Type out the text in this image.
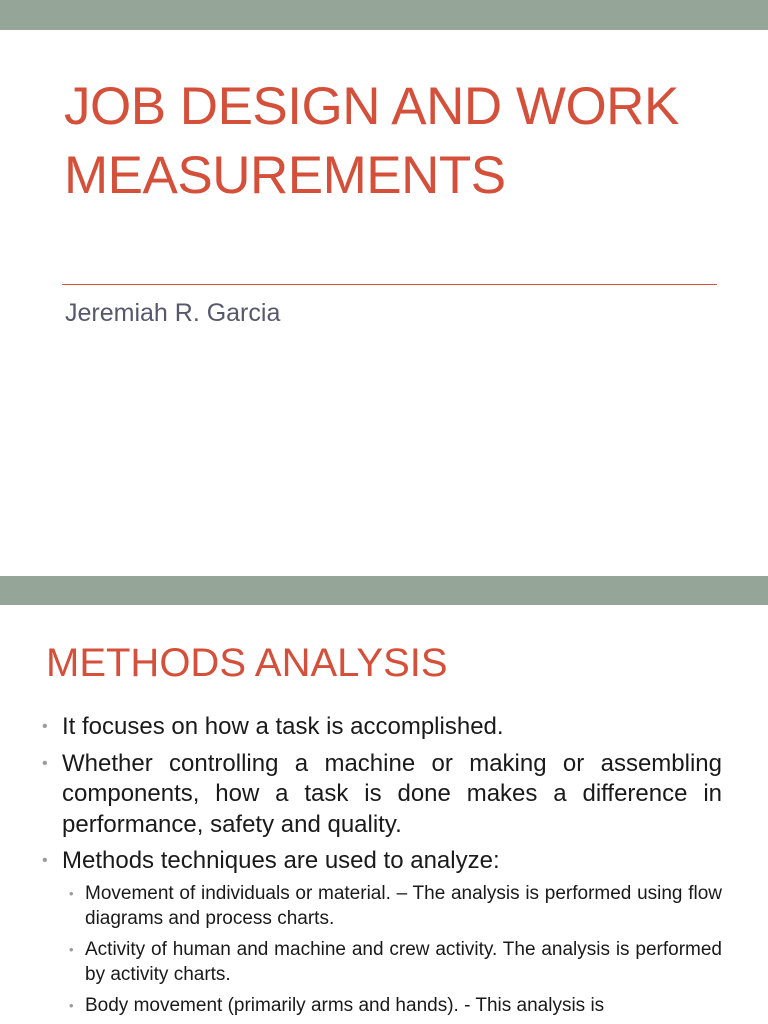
JOB DESIGN AND WORK MEASUREMENTS

Jeremiah R. Garcia

METHODS ANALYSIS
• It focuses on how a task is accomplished.
• Whether controlling a machine or making or assembling components, how a task is done makes a difference in performance, safety and quality.
• Methods techniques are used to analyze:
• Movement of individuals or material. – The analysis is performed using flow diagrams and process charts.
• Activity of human and machine and crew activity. The analysis is performed by activity charts.
• Body movement (primarily arms and hands). - This analysis is
